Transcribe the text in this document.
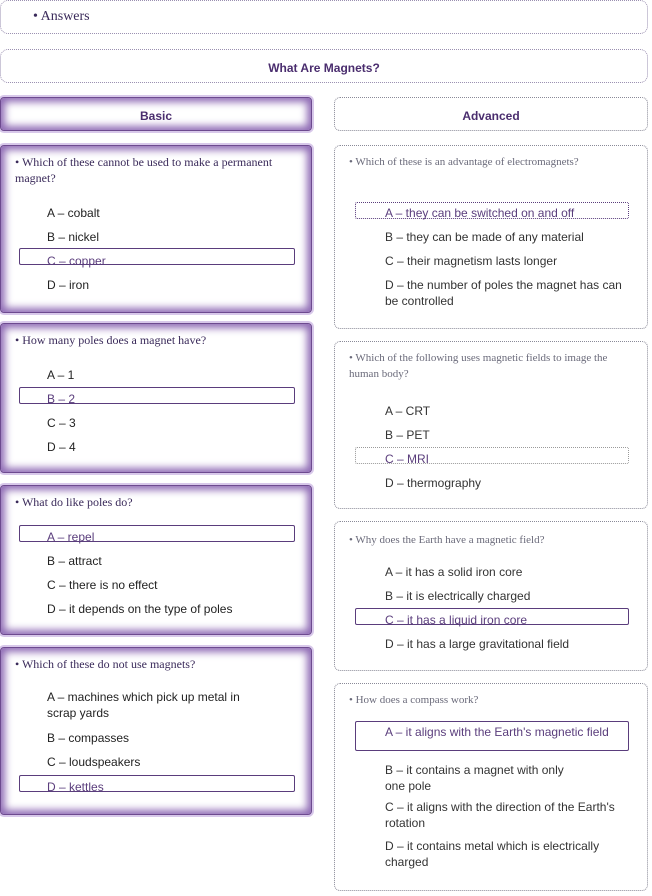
• Answers
What Are Magnets?
Basic	Advanced
• Which of these cannot be used to make a permanent magnet?
A – cobalt
B – nickel
C – copper
D – iron
• How many poles does a magnet have?
A – 1
B – 2
C – 3
D – 4
• What do like poles do?
A – repel
B – attract
C – there is no effect
D – it depends on the type of poles
• Which of these do not use magnets?
A – machines which pick up metal in scrap yards
B – compasses
C – loudspeakers
D – kettles
• Which of these is an advantage of electromagnets?
A – they can be switched on and off
B – they can be made of any material
C – their magnetism lasts longer
D – the number of poles the magnet has can be controlled
• Which of the following uses magnetic fields to image the human body?
A – CRT
B – PET
C – MRI
D – thermography
• Why does the Earth have a magnetic field?
A – it has a solid iron core
B – it is electrically charged
C – it has a liquid iron core
D – it has a large gravitational field
• How does a compass work?
A – it aligns with the Earth's magnetic field
B – it contains a magnet with only one pole
C – it aligns with the direction of the Earth's rotation
D – it contains metal which is electrically charged
